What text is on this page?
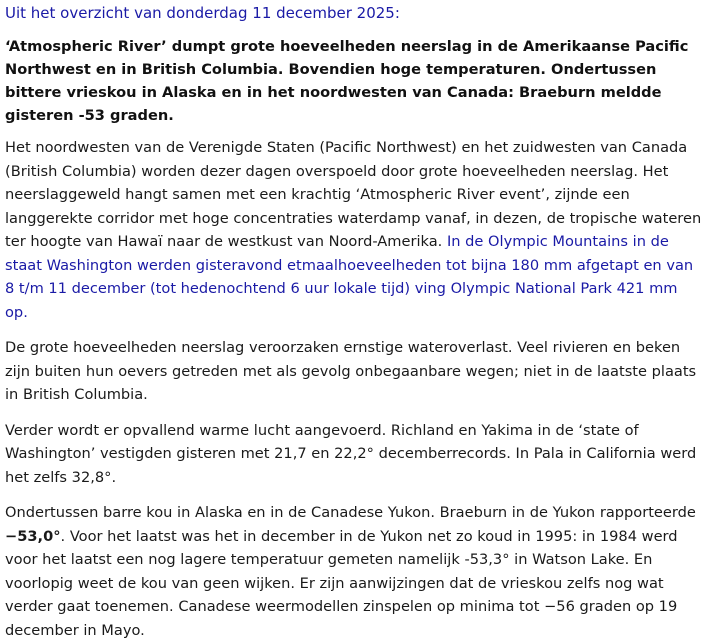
Uit het overzicht van donderdag 11 december 2025:
‘Atmospheric River’ dumpt grote hoeveelheden neerslag in de Amerikaanse Pacific Northwest en in British Columbia. Bovendien hoge temperaturen. Ondertussen bittere vrieskou in Alaska en in het noordwesten van Canada: Braeburn meldde gisteren -53 graden.
Het noordwesten van de Verenigde Staten (Pacific Northwest) en het zuidwesten van Canada (British Columbia) worden dezer dagen overspoeld door grote hoeveelheden neerslag. Het neerslaggeweld hangt samen met een krachtig ‘Atmospheric River event’, zijnde een langgerekte corridor met hoge concentraties waterdamp vanaf, in dezen, de tropische wateren ter hoogte van Hawaï naar de westkust van Noord-Amerika. In de Olympic Mountains in de staat Washington werden gisteravond etmaalhoeveelheden tot bijna 180 mm afgetapt en van 8 t/m 11 december (tot hedenochtend 6 uur lokale tijd) ving Olympic National Park 421 mm op.
De grote hoeveelheden neerslag veroorzaken ernstige wateroverlast. Veel rivieren en beken zijn buiten hun oevers getreden met als gevolg onbegaanbare wegen; niet in de laatste plaats in British Columbia.
Verder wordt er opvallend warme lucht aangevoerd. Richland en Yakima in de ‘state of Washington’ vestigden gisteren met 21,7 en 22,2° decemberrecords. In Pala in California werd het zelfs 32,8°.
Ondertussen barre kou in Alaska en in de Canadese Yukon. Braeburn in de Yukon rapporteerde −53,0°. Voor het laatst was het in december in de Yukon net zo koud in 1995: in 1984 werd voor het laatst een nog lagere temperatuur gemeten namelijk -53,3° in Watson Lake. En voorlopig weet de kou van geen wijken. Er zijn aanwijzingen dat de vrieskou zelfs nog wat verder gaat toenemen. Canadese weermodellen zinspelen op minima tot −56 graden op 19 december in Mayo.
